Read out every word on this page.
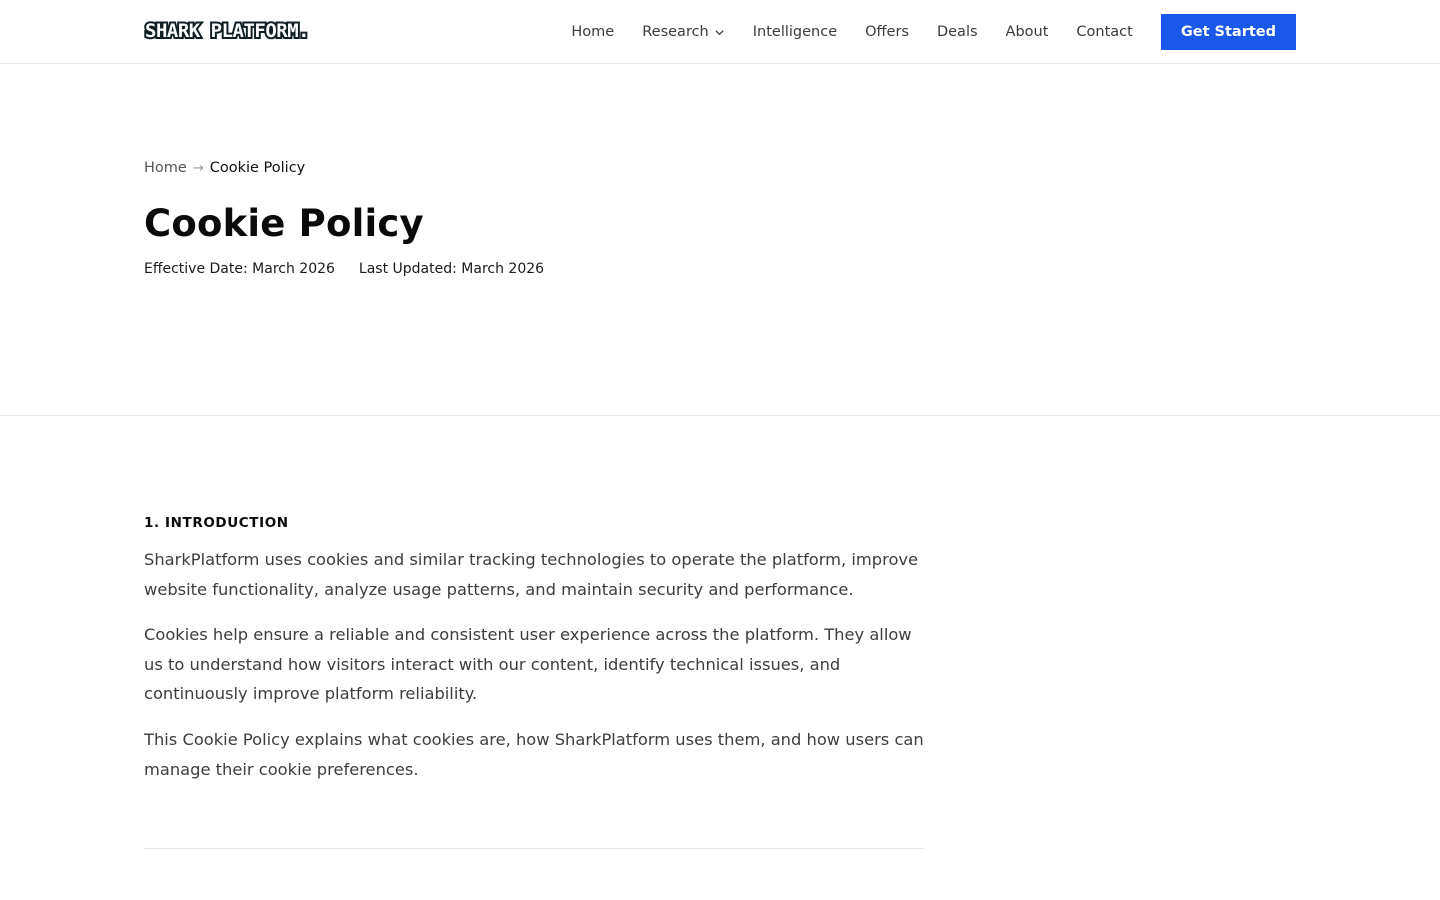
SHARK PLATFORM.	Home Research	Intelligence Offers Deals About Contact	Get Started
Home → Cookie Policy
Cookie Policy
Effective Date: March 2026 Last Updated: March 2026
1. INTRODUCTION

SharkPlatform uses cookies and similar tracking technologies to operate the platform, improve website functionality, analyze usage patterns, and maintain security and performance.

Cookies help ensure a reliable and consistent user experience across the platform. They allow us to understand how visitors interact with our content, identify technical issues, and continuously improve platform reliability.

This Cookie Policy explains what cookies are, how SharkPlatform uses them, and how users can manage their cookie preferences.
